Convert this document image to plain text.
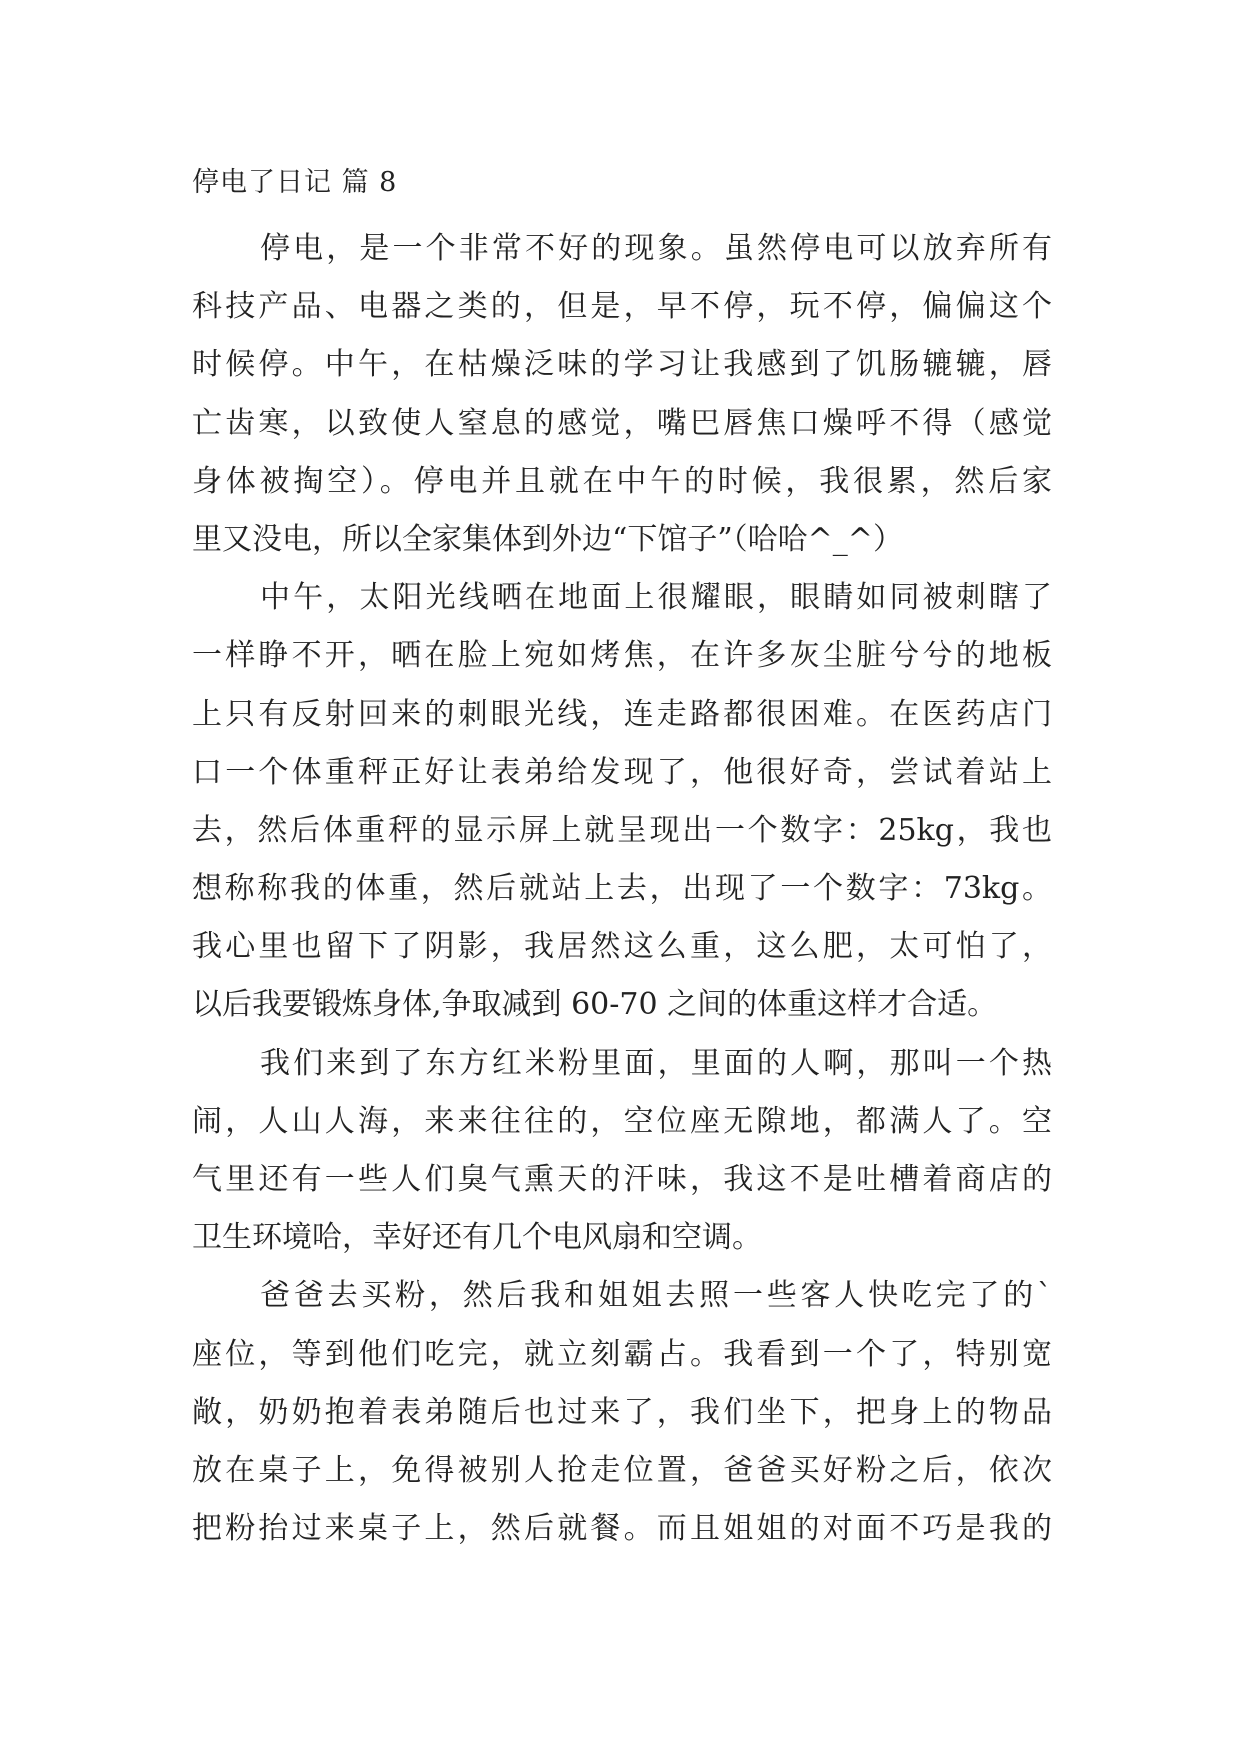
停电了日记 篇 8
停电，是一个非常不好的现象。虽然停电可以放弃所有
科技产品、电器之类的，但是，早不停，玩不停，偏偏这个
时候停。中午，在枯燥泛味的学习让我感到了饥肠辘辘，唇
亡齿寒，以致使人窒息的感觉，嘴巴唇焦口燥呼不得（感觉
身体被掏空）。停电并且就在中午的时候，我很累，然后家
里又没电，所以全家集体到外边“下馆子”（哈哈^_^）
中午，太阳光线晒在地面上很耀眼，眼睛如同被刺瞎了
一样睁不开，晒在脸上宛如烤焦，在许多灰尘脏兮兮的地板
上只有反射回来的刺眼光线，连走路都很困难。在医药店门
口一个体重秤正好让表弟给发现了，他很好奇，尝试着站上
去，然后体重秤的显示屏上就呈现出一个数字：25kg，我也
想称称我的体重，然后就站上去，出现了一个数字：73kg。
我心里也留下了阴影，我居然这么重，这么肥，太可怕了，
以后我要锻炼身体,争取减到 60-70 之间的体重这样才合适。
我们来到了东方红米粉里面，里面的人啊，那叫一个热
闹，人山人海，来来往往的，空位座无隙地，都满人了。空
气里还有一些人们臭气熏天的汗味，我这不是吐槽着商店的
卫生环境哈，幸好还有几个电风扇和空调。
爸爸去买粉，然后我和姐姐去照一些客人快吃完了的`
座位，等到他们吃完，就立刻霸占。我看到一个了，特别宽
敞，奶奶抱着表弟随后也过来了，我们坐下，把身上的物品
放在桌子上，免得被别人抢走位置，爸爸买好粉之后，依次
把粉抬过来桌子上，然后就餐。而且姐姐的对面不巧是我的
